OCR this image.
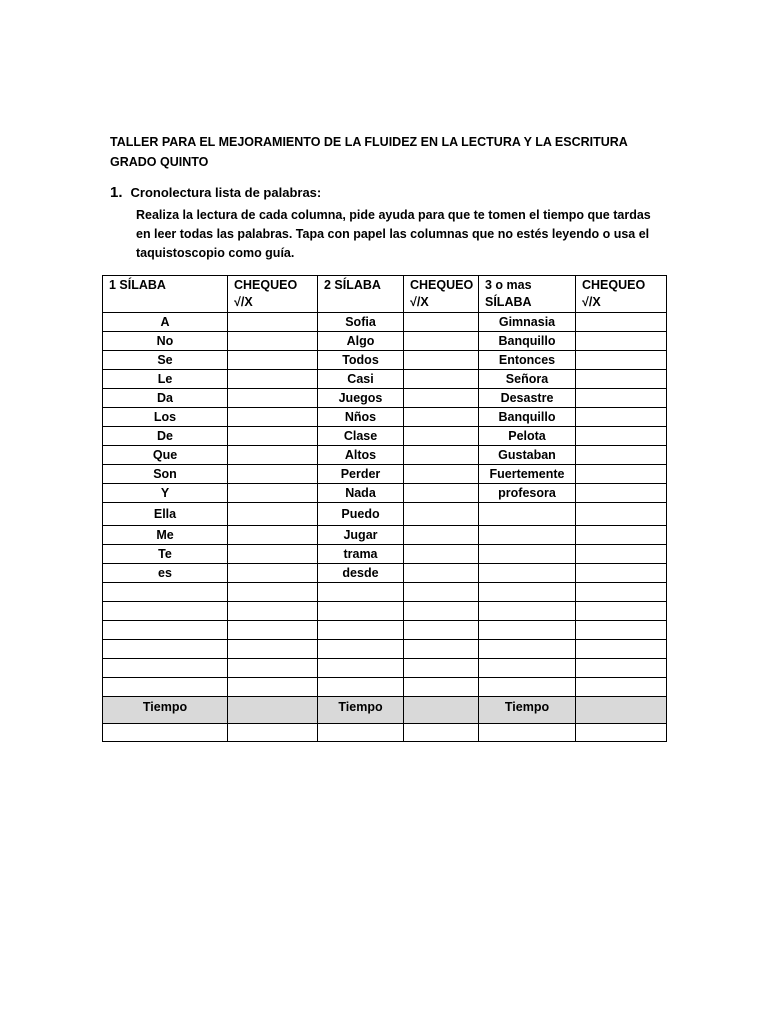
TALLER PARA EL MEJORAMIENTO DE LA FLUIDEZ EN LA LECTURA Y LA ESCRITURA GRADO QUINTO
1. Cronolectura lista de palabras:
Realiza la lectura de cada columna, pide ayuda para que te tomen el tiempo que tardas en leer todas las palabras. Tapa con papel las columnas que no estés leyendo o usa el taquistoscopio como guía.
1 SÍLABA	CHEQUEO √/X	2 SÍLABA	CHEQUEO √/X	3 o mas SÍLABA	CHEQUEO √/X
A		Sofia		Gimnasia	
No		Algo		Banquillo	
Se		Todos		Entonces	
Le		Casi		Señora	
Da		Juegos		Desastre	
Los		Nños		Banquillo	
De		Clase		Pelota	
Que		Altos		Gustaban	
Son		Perder		Fuertemente	
Y		Nada		profesora	
Ella		Puedo			
Me		Jugar			
Te		trama			
es		desde			

Tiempo		Tiempo		Tiempo	
